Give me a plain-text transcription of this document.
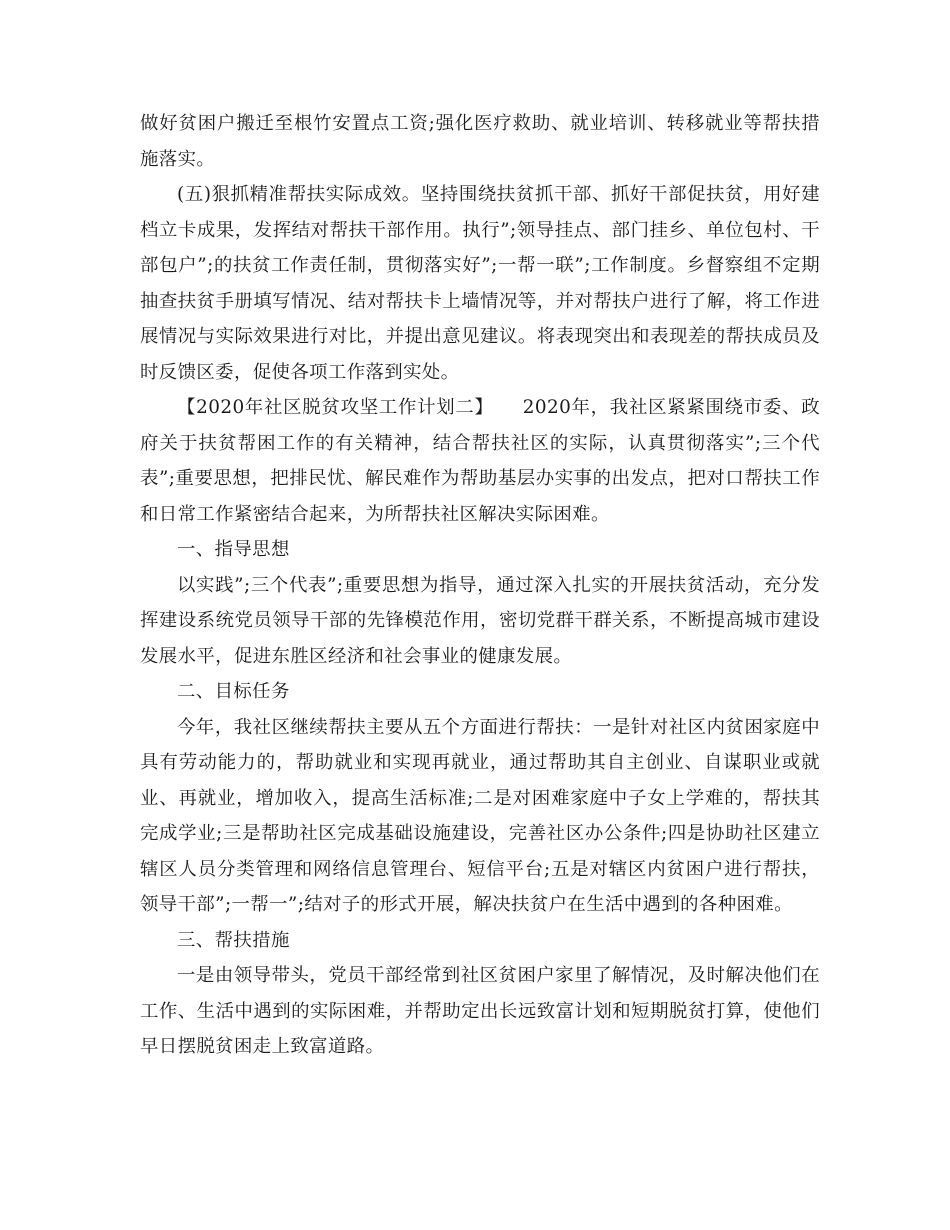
做好贫困户搬迁至根竹安置点工资;强化医疗救助、就业培训、转移就业等帮扶措施落实。

(五)狠抓精准帮扶实际成效。坚持围绕扶贫抓干部、抓好干部促扶贫，用好建档立卡成果，发挥结对帮扶干部作用。执行”;领导挂点、部门挂乡、单位包村、干部包户”;的扶贫工作责任制，贯彻落实好”;一帮一联”;工作制度。乡督察组不定期抽查扶贫手册填写情况、结对帮扶卡上墙情况等，并对帮扶户进行了解，将工作进展情况与实际效果进行对比，并提出意见建议。将表现突出和表现差的帮扶成员及时反馈区委，促使各项工作落到实处。

【2020年社区脱贫攻坚工作计划二】　　2020年，我社区紧紧围绕市委、政府关于扶贫帮困工作的有关精神，结合帮扶社区的实际，认真贯彻落实”;三个代表”;重要思想，把排民忧、解民难作为帮助基层办实事的出发点，把对口帮扶工作和日常工作紧密结合起来，为所帮扶社区解决实际困难。

一、指导思想

以实践”;三个代表”;重要思想为指导，通过深入扎实的开展扶贫活动，充分发挥建设系统党员领导干部的先锋模范作用，密切党群干群关系，不断提高城市建设发展水平，促进东胜区经济和社会事业的健康发展。

二、目标任务

今年，我社区继续帮扶主要从五个方面进行帮扶：一是针对社区内贫困家庭中具有劳动能力的，帮助就业和实现再就业，通过帮助其自主创业、自谋职业或就业、再就业，增加收入，提高生活标准;二是对困难家庭中子女上学难的，帮扶其完成学业;三是帮助社区完成基础设施建设，完善社区办公条件;四是协助社区建立辖区人员分类管理和网络信息管理台、短信平台;五是对辖区内贫困户进行帮扶，领导干部”;一帮一”;结对子的形式开展，解决扶贫户在生活中遇到的各种困难。

三、帮扶措施

一是由领导带头，党员干部经常到社区贫困户家里了解情况，及时解决他们在工作、生活中遇到的实际困难，并帮助定出长远致富计划和短期脱贫打算，使他们早日摆脱贫困走上致富道路。
